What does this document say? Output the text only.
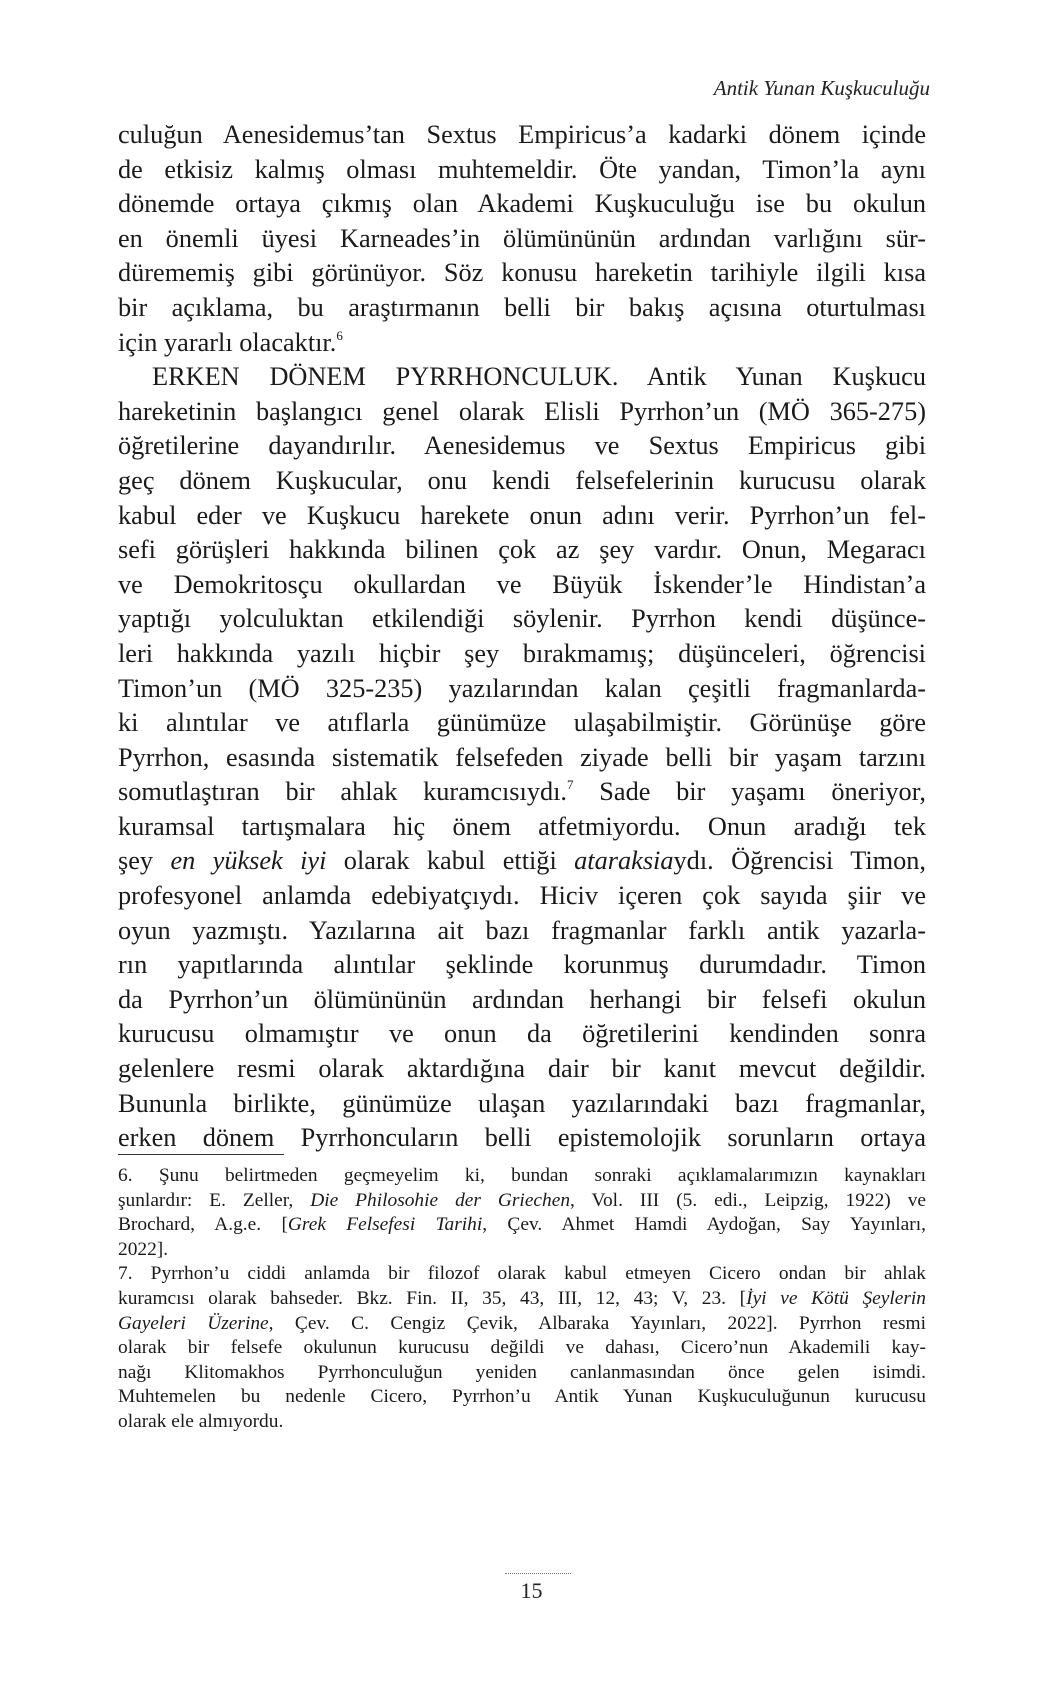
Antik Yunan Kuşkuculuğu
culuğun Aenesidemus’tan Sextus Empiricus’a kadarki dönem içinde
de etkisiz kalmış olması muhtemeldir. Öte yandan, Timon’la aynı
dönemde ortaya çıkmış olan Akademi Kuşkuculuğu ise bu okulun
en önemli üyesi Karneades’in ölümününün ardından varlığını sür-
dürememiş gibi görünüyor. Söz konusu hareketin tarihiyle ilgili kısa
bir açıklama, bu araştırmanın belli bir bakış açısına oturtulması
için yararlı olacaktır.$^6$
ERKEN DÖNEM PYRRHONCULUK. Antik Yunan Kuşkucu
hareketinin başlangıcı genel olarak Elisli Pyrrhon’un (MÖ 365-275)
öğretilerine dayandırılır. Aenesidemus ve Sextus Empiricus gibi
geç dönem Kuşkucular, onu kendi felsefelerinin kurucusu olarak
kabul eder ve Kuşkucu harekete onun adını verir. Pyrrhon’un fel-
sefi görüşleri hakkında bilinen çok az şey vardır. Onun, Megaracı
ve Demokritosçu okullardan ve Büyük İskender’le Hindistan’a
yaptığı yolculuktan etkilendiği söylenir. Pyrrhon kendi düşünce-
leri hakkında yazılı hiçbir şey bırakmamış; düşünceleri, öğrencisi
Timon’un (MÖ 325-235) yazılarından kalan çeşitli fragmanlarda-
ki alıntılar ve atıflarla günümüze ulaşabilmiştir. Görünüşe göre
Pyrrhon, esasında sistematik felsefeden ziyade belli bir yaşam tarzını
somutlaştıran bir ahlak kuramcısıydı.$^7$ Sade bir yaşamı öneriyor,
kuramsal tartışmalara hiç önem atfetmiyordu. Onun aradığı tek
şey en yüksek iyi olarak kabul ettiği ataraksiaydı. Öğrencisi Timon,
profesyonel anlamda edebiyatçıydı. Hiciv içeren çok sayıda şiir ve
oyun yazmıştı. Yazılarına ait bazı fragmanlar farklı antik yazarla-
rın yapıtlarında alıntılar şeklinde korunmuş durumdadır. Timon
da Pyrrhon’un ölümününün ardından herhangi bir felsefi okulun
kurucusu olmamıştır ve onun da öğretilerini kendinden sonra
gelenlere resmi olarak aktardığına dair bir kanıt mevcut değildir.
Bununla birlikte, günümüze ulaşan yazılarındaki bazı fragmanlar,
erken dönem Pyrrhoncuların belli epistemolojik sorunların ortaya
6. Şunu belirtmeden geçmeyelim ki, bundan sonraki açıklamalarımızın kaynakları
şunlardır: E. Zeller, Die Philosohie der Griechen, Vol. III (5. edi., Leipzig, 1922) ve
Brochard, A.g.e. [Grek Felsefesi Tarihi, Çev. Ahmet Hamdi Aydoğan, Say Yayınları,
2022].
7. Pyrrhon’u ciddi anlamda bir filozof olarak kabul etmeyen Cicero ondan bir ahlak
kuramcısı olarak bahseder. Bkz. Fin. II, 35, 43, III, 12, 43; V, 23. [İyi ve Kötü Şeylerin
Gayeleri Üzerine, Çev. C. Cengiz Çevik, Albaraka Yayınları, 2022]. Pyrrhon resmi
olarak bir felsefe okulunun kurucusu değildi ve dahası, Cicero’nun Akademili kay-
nağı Klitomakhos Pyrrhonculuğun yeniden canlanmasından önce gelen isimdi.
Muhtemelen bu nedenle Cicero, Pyrrhon’u Antik Yunan Kuşkuculuğunun kurucusu
olarak ele almıyordu.
15
